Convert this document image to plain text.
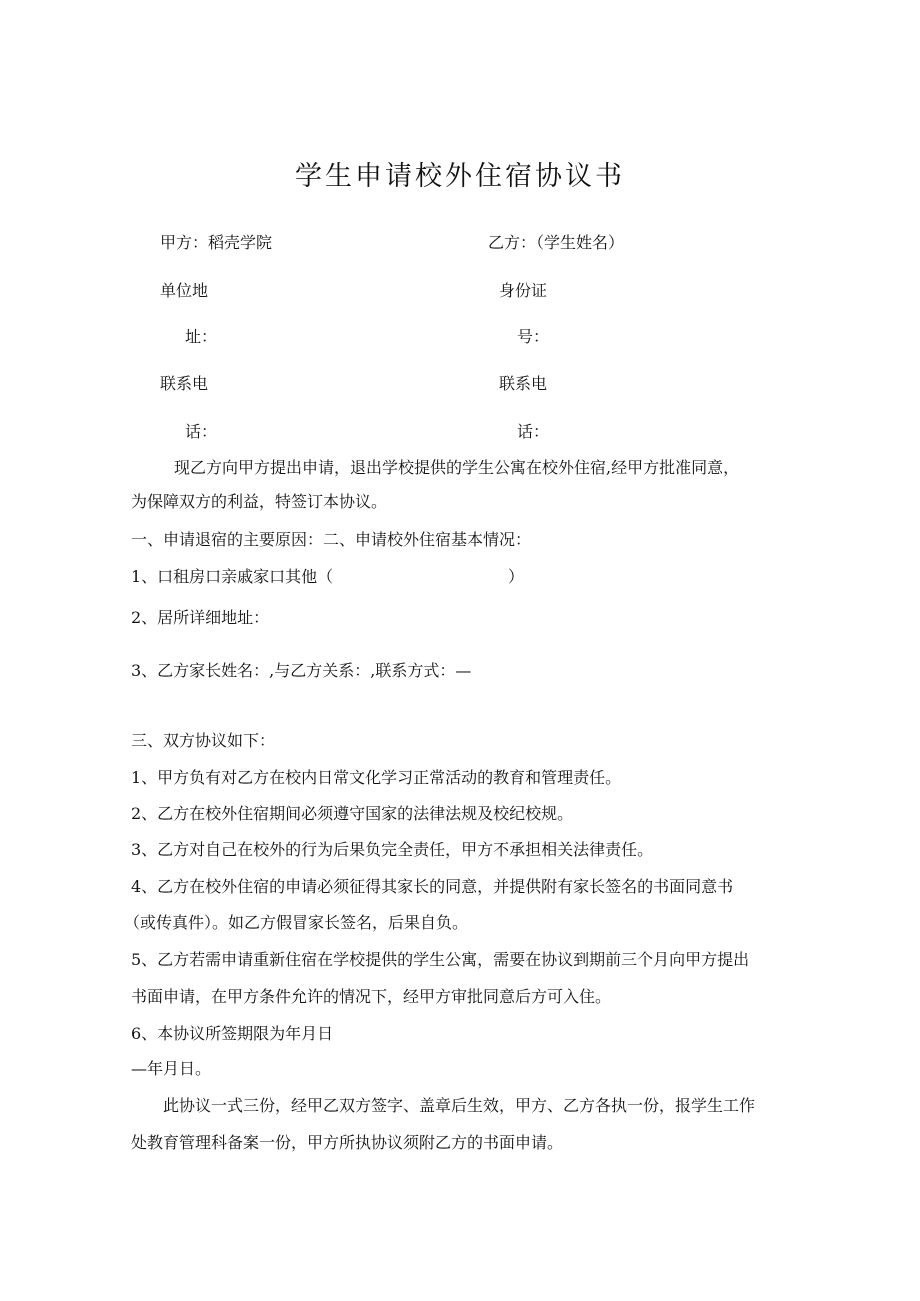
学生申请校外住宿协议书
甲方：稻壳学院	乙方：（学生姓名）
单位地	身份证
址：	号：
联系电	联系电
话：	话：
现乙方向甲方提出申请，退出学校提供的学生公寓在校外住宿,经甲方批准同意，
为保障双方的利益，特签订本协议。
一、申请退宿的主要原因：二、申请校外住宿基本情况：
1、口租房口亲戚家口其他（	）
2、居所详细地址：
3、乙方家长姓名：,与乙方关系：,联系方式：—
三、双方协议如下：
1、甲方负有对乙方在校内日常文化学习正常活动的教育和管理责任。
2、乙方在校外住宿期间必须遵守国家的法律法规及校纪校规。
3、乙方对自己在校外的行为后果负完全责任，甲方不承担相关法律责任。
4、乙方在校外住宿的申请必须征得其家长的同意，并提供附有家长签名的书面同意书
（或传真件）。如乙方假冒家长签名，后果自负。
5、乙方若需申请重新住宿在学校提供的学生公寓，需要在协议到期前三个月向甲方提出
书面申请，在甲方条件允许的情况下，经甲方审批同意后方可入住。
6、本协议所签期限为年月日
—年月日。
此协议一式三份，经甲乙双方签字、盖章后生效，甲方、乙方各执一份，报学生工作
处教育管理科备案一份，甲方所执协议须附乙方的书面申请。
